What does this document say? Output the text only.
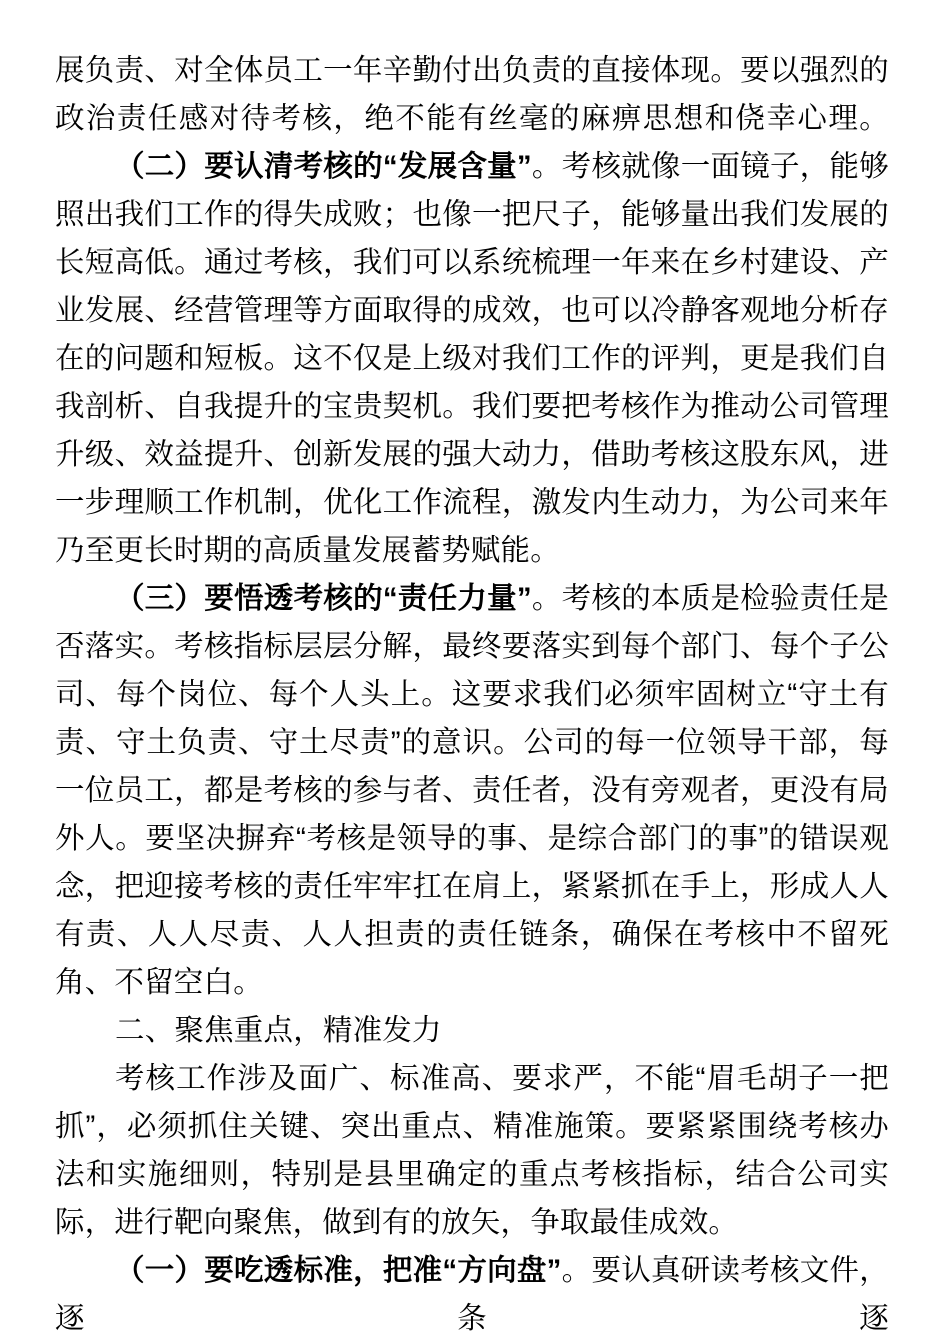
展负责、对全体员工一年辛勤付出负责的直接体现。要以强烈的政治责任感对待考核，绝不能有丝毫的麻痹思想和侥幸心理。

（二）要认清考核的“发展含量”。考核就像一面镜子，能够照出我们工作的得失成败；也像一把尺子，能够量出我们发展的长短高低。通过考核，我们可以系统梳理一年来在乡村建设、产业发展、经营管理等方面取得的成效，也可以冷静客观地分析存在的问题和短板。这不仅是上级对我们工作的评判，更是我们自我剖析、自我提升的宝贵契机。我们要把考核作为推动公司管理升级、效益提升、创新发展的强大动力，借助考核这股东风，进一步理顺工作机制，优化工作流程，激发内生动力，为公司来年乃至更长时期的高质量发展蓄势赋能。

（三）要悟透考核的“责任力量”。考核的本质是检验责任是否落实。考核指标层层分解，最终要落实到每个部门、每个子公司、每个岗位、每个人头上。这要求我们必须牢固树立“守土有责、守土负责、守土尽责”的意识。公司的每一位领导干部，每一位员工，都是考核的参与者、责任者，没有旁观者，更没有局外人。要坚决摒弃“考核是领导的事、是综合部门的事”的错误观念，把迎接考核的责任牢牢扛在肩上，紧紧抓在手上，形成人人有责、人人尽责、人人担责的责任链条，确保在考核中不留死角、不留空白。

二、聚焦重点，精准发力

考核工作涉及面广、标准高、要求严，不能“眉毛胡子一把抓”，必须抓住关键、突出重点、精准施策。要紧紧围绕考核办法和实施细则，特别是县里确定的重点考核指标，结合公司实际，进行靶向聚焦，做到有的放矢，争取最佳成效。

（一）要吃透标准，把准“方向盘”。要认真研读考核文件，逐条逐
